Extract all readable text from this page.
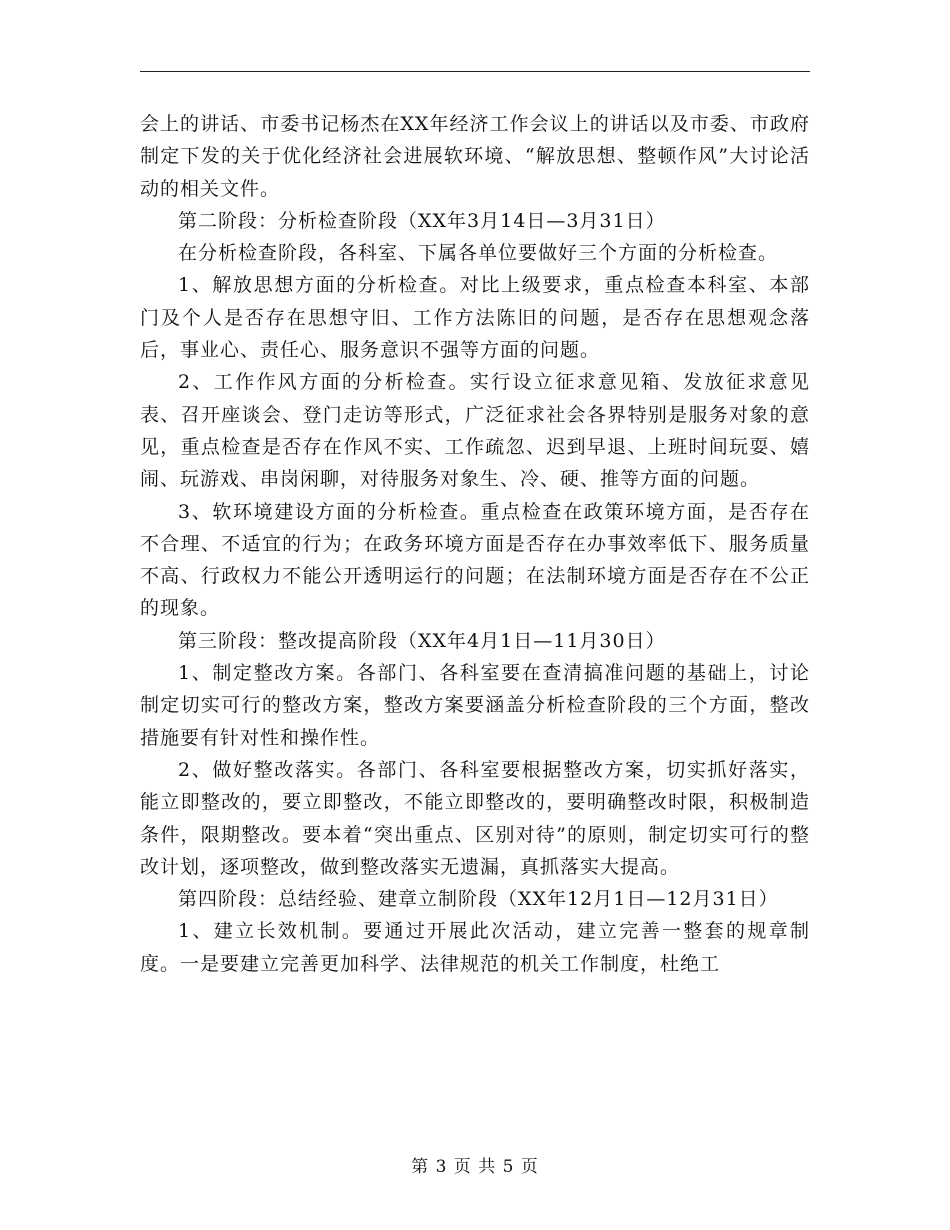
会上的讲话、市委书记杨杰在XX年经济工作会议上的讲话以及市委、市政府制定下发的关于优化经济社会进展软环境、“解放思想、整顿作风”大讨论活动的相关文件。

第二阶段：分析检查阶段（XX年3月14日—3月31日）

在分析检查阶段，各科室、下属各单位要做好三个方面的分析检查。

1、解放思想方面的分析检查。对比上级要求，重点检查本科室、本部门及个人是否存在思想守旧、工作方法陈旧的问题，是否存在思想观念落后，事业心、责任心、服务意识不强等方面的问题。

2、工作作风方面的分析检查。实行设立征求意见箱、发放征求意见表、召开座谈会、登门走访等形式，广泛征求社会各界特别是服务对象的意见，重点检查是否存在作风不实、工作疏忽、迟到早退、上班时间玩耍、嬉闹、玩游戏、串岗闲聊，对待服务对象生、冷、硬、推等方面的问题。

3、软环境建设方面的分析检查。重点检查在政策环境方面，是否存在不合理、不适宜的行为；在政务环境方面是否存在办事效率低下、服务质量不高、行政权力不能公开透明运行的问题；在法制环境方面是否存在不公正的现象。

第三阶段：整改提高阶段（XX年4月1日—11月30日）

1、制定整改方案。各部门、各科室要在查清搞准问题的基础上，讨论制定切实可行的整改方案，整改方案要涵盖分析检查阶段的三个方面，整改措施要有针对性和操作性。

2、做好整改落实。各部门、各科室要根据整改方案，切实抓好落实，能立即整改的，要立即整改，不能立即整改的，要明确整改时限，积极制造条件，限期整改。要本着“突出重点、区别对待”的原则，制定切实可行的整改计划，逐项整改，做到整改落实无遗漏，真抓落实大提高。

第四阶段：总结经验、建章立制阶段（XX年12月1日—12月31日）

1、建立长效机制。要通过开展此次活动，建立完善一整套的规章制度。一是要建立完善更加科学、法律规范的机关工作制度，杜绝工

第 3 页 共 5 页
